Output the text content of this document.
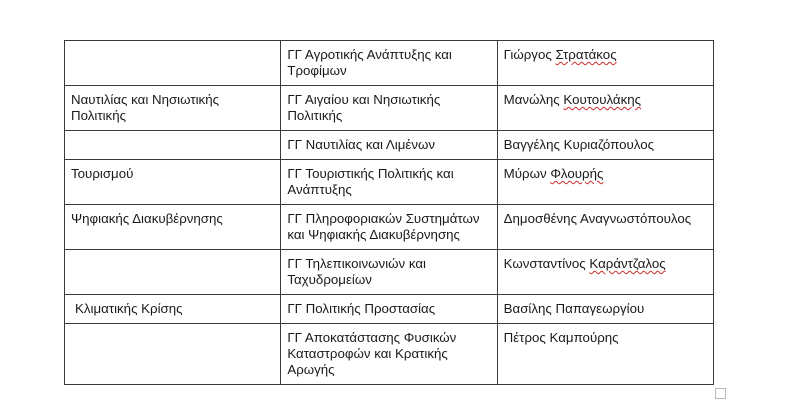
	ΓΓ Αγροτικής Ανάπτυξης και Τροφίμων	Γιώργος Στρατάκος
Ναυτιλίας και Νησιωτικής Πολιτικής	ΓΓ Αιγαίου και Νησιωτικής Πολιτικής	Μανώλης Κουτουλάκης
	ΓΓ Ναυτιλίας και Λιμένων	Βαγγέλης Κυριαζόπουλος
Τουρισμού	ΓΓ Τουριστικής Πολιτικής και Ανάπτυξης	Μύρων Φλουρής
Ψηφιακής Διακυβέρνησης	ΓΓ Πληροφοριακών Συστημάτων και Ψηφιακής Διακυβέρνησης	Δημοσθένης Αναγνωστόπουλος
	ΓΓ Τηλεπικοινωνιών και Ταχυδρομείων	Κωνσταντίνος Καράντζαλος
Κλιματικής Κρίσης	ΓΓ Πολιτικής Προστασίας	Βασίλης Παπαγεωργίου
	ΓΓ Αποκατάστασης Φυσικών Καταστροφών και Κρατικής Αρωγής	Πέτρος Καμπούρης
